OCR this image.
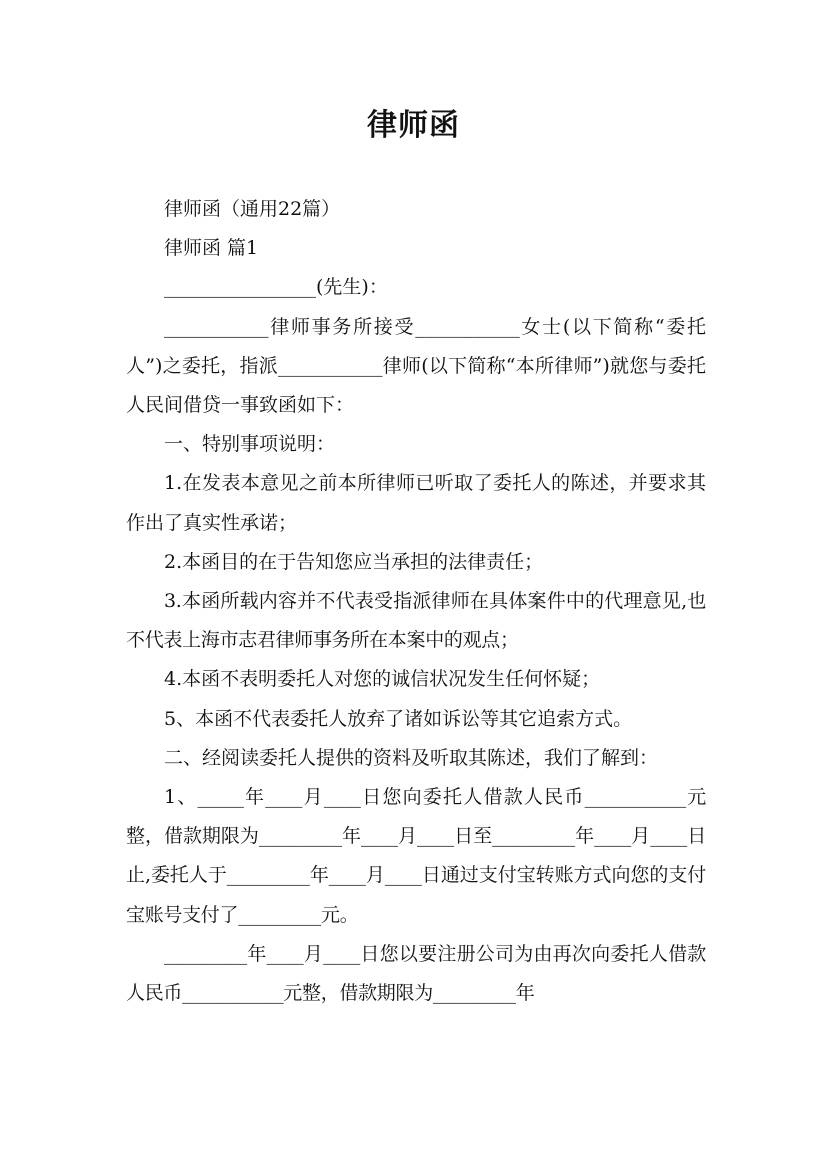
律师函

律师函（通用22篇）

律师函 篇1

________________(先生)：

___________律师事务所接受___________女士(以下简称“委托人”)之委托，指派___________律师(以下简称“本所律师”)就您与委托人民间借贷一事致函如下：

一、特别事项说明：

1.在发表本意见之前本所律师已听取了委托人的陈述，并要求其作出了真实性承诺；

2.本函目的在于告知您应当承担的法律责任；

3.本函所载内容并不代表受指派律师在具体案件中的代理意见,也不代表上海市志君律师事务所在本案中的观点；

4.本函不表明委托人对您的诚信状况发生任何怀疑；

5、本函不代表委托人放弃了诸如诉讼等其它追索方式。

二、经阅读委托人提供的资料及听取其陈述，我们了解到：

1、_____年____月____日您向委托人借款人民币___________元整，借款期限为_________年____月____日至_________年____月____日止,委托人于_________年____月____日通过支付宝转账方式向您的支付宝账号支付了_________元。

_________年____月____日您以要注册公司为由再次向委托人借款人民币___________元整，借款期限为_________年
